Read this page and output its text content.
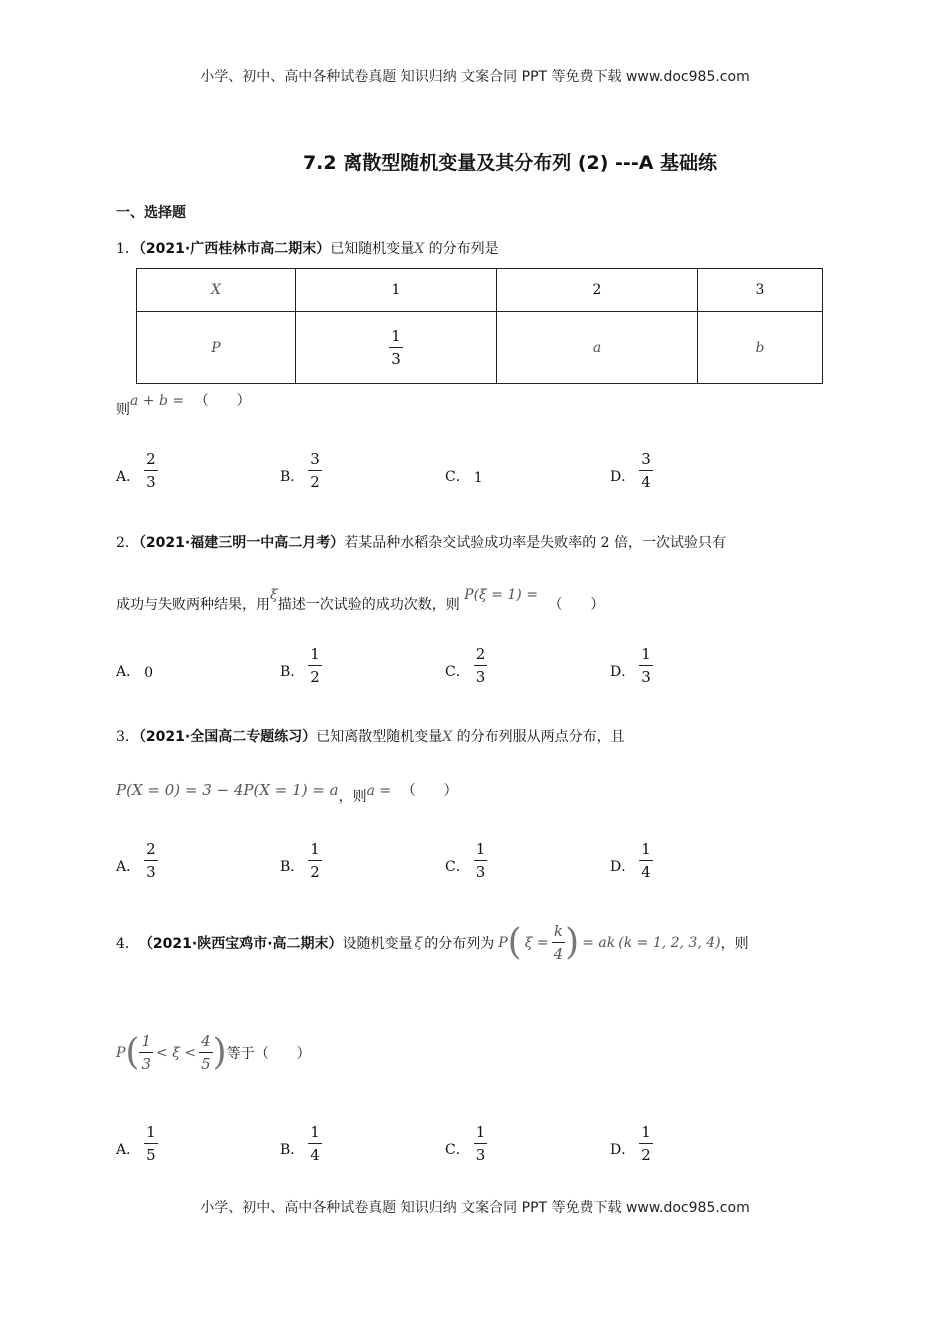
小学、初中、高中各种试卷真题 知识归纳 文案合同 PPT 等免费下载 www.doc985.com
7.2 离散型随机变量及其分布列 (2) ---A 基础练
一、选择题
1．（2021·广西桂林市高二期末）已知随机变量X 的分布列是
X	1	2	3
P	$\frac{1}{3}$	a	b
则a + b = （　　）
A． $\frac{2}{3}$	B． $\frac{3}{2}$	C． 1	D． $\frac{3}{4}$
2．（2021·福建三明一中高二月考）若某品种水稻杂交试验成功率是失败率的 2 倍，一次试验只有
成功与失败两种结果，用ξ描述一次试验的成功次数，则 P(ξ = 1) = （　　）
A． 0	B． $\frac{1}{2}$	C． $\frac{2}{3}$	D． $\frac{1}{3}$
3．（2021·全国高二专题练习）已知离散型随机变量X 的分布列服从两点分布，且
P(X = 0) = 3 − 4P(X = 1) = a，则a = （　　）
A． $\frac{2}{3}$	B． $\frac{1}{2}$	C． $\frac{1}{3}$	D． $\frac{1}{4}$
4． （2021·陕西宝鸡市·高二期末） 设随机变量 ξ 的分布列为 P ( $\xi = \frac{k}{4}$ ) = ak ( k = 1, 2, 3, 4 ) ，则
P ( $\frac{1}{3} < \xi < \frac{4}{5}$ ) 等于 （　　）
A． $\frac{1}{5}$	B． $\frac{1}{4}$	C． $\frac{1}{3}$	D． $\frac{1}{2}$
小学、初中、高中各种试卷真题 知识归纳 文案合同 PPT 等免费下载 www.doc985.com
